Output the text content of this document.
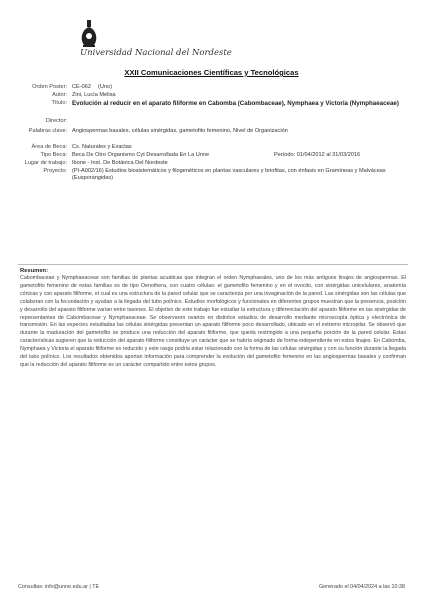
Universidad Nacional del Nordeste
XXII Comunicaciones Científicas y Tecnológicas
Orden Poster: CE-062	(Uno)
Autor: Zini, Lucía Melisa
Título: Evolución al reducir en el aparato filiforme en Cabomba (Cabombaceae), Nymphaea y Victoria (Nymphaeaceae)
Director:
Palabras clave: Angiospermas basales, células sinérgidas, gametofito femenino, Nivel de Organización
Área de Beca: Cs. Naturales y Exactas
Tipo Beca: Beca De Otro Organismo Cyt Desarrollada En La Unne	Período: 01/04/2012 al 31/03/2016
Lugar de trabajo: Ibone - Inst. De Botánica Del Nordeste
Proyecto: (PI-A002/16) Estudios biosistemáticos y filogenéticos en plantas vasculares y briofitas, con énfasis en Gramíneas y Malváceas (Eusporangidas)
Resumen:

Cabombaceae y Nymphaeaceae son familias de plantas acuáticas que integran el orden Nymphaeales, uno de los más antiguos linajes de angiospermas. El gametofito femenino de estas familias es de tipo Oenothera, con cuatro células: el gametofito femenino y en el ovocito, con sinérgidas unicelulares, anatomía cónicas y con aparato filiforme, el cual es una estructura de la pared celular que se caracteriza por una invaginación de la pared. Las sinérgidas son las células que colaboran con la fecundación y ayudan a la llegada del tubo polínico. Estudios morfológicos y funcionales en diferentes grupos muestran que la presencia, posición y desarrollo del aparato filiforme varían entre taxones. El objetivo de este trabajo fue estudiar la estructura y diferenciación del aparato filiforme en las sinérgidas de representantes de Cabombaceae y Nymphaeaceae. Se observaron ovarios en distintos estadios de desarrollo mediante microscopía óptica y electrónica de transmisión. En las especies estudiadas las células sinérgidas presentan un aparato filiforme poco desarrollado, ubicado en el extremo micropilar. Se observó que durante la maduración del gametofito se produce una reducción del aparato filiforme, que queda restringido a una pequeña porción de la pared celular. Estas características sugieren que la reducción del aparato filiforme constituye un carácter que se habría originado de forma independiente en estos linajes. En Cabomba, Nymphaea y Victoria el aparato filiforme es reducido y este rasgo podría estar relacionado con la forma de las células sinérgidas y con su función durante la llegada del tubo polínico. Los resultados obtenidos aportan información para comprender la evolución del gametofito femenino en las angiospermas basales y confirman que la reducción del aparato filiforme es un carácter compartido entre estos grupos.

Consultas: info@unne.edu.ar | TE	Generado el 04/04/2024 a las 10:38
